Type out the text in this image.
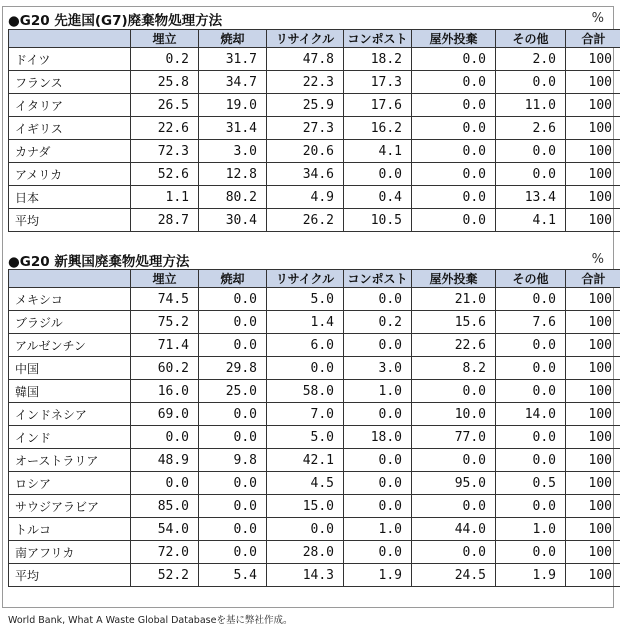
●G20 先進国(G7)廃棄物処理方法	%
	埋立	焼却	リサイクル	コンポスト	屋外投棄	その他	合計
ドイツ	0.2	31.7	47.8	18.2	0.0	2.0	100
フランス	25.8	34.7	22.3	17.3	0.0	0.0	100
イタリア	26.5	19.0	25.9	17.6	0.0	11.0	100
イギリス	22.6	31.4	27.3	16.2	0.0	2.6	100
カナダ	72.3	3.0	20.6	4.1	0.0	0.0	100
アメリカ	52.6	12.8	34.6	0.0	0.0	0.0	100
日本	1.1	80.2	4.9	0.4	0.0	13.4	100
平均	28.7	30.4	26.2	10.5	0.0	4.1	100
●G20 新興国廃棄物処理方法	%
	埋立	焼却	リサイクル	コンポスト	屋外投棄	その他	合計
メキシコ	74.5	0.0	5.0	0.0	21.0	0.0	100
ブラジル	75.2	0.0	1.4	0.2	15.6	7.6	100
アルゼンチン	71.4	0.0	6.0	0.0	22.6	0.0	100
中国	60.2	29.8	0.0	3.0	8.2	0.0	100
韓国	16.0	25.0	58.0	1.0	0.0	0.0	100
インドネシア	69.0	0.0	7.0	0.0	10.0	14.0	100
インド	0.0	0.0	5.0	18.0	77.0	0.0	100
オーストラリア	48.9	9.8	42.1	0.0	0.0	0.0	100
ロシア	0.0	0.0	4.5	0.0	95.0	0.5	100
サウジアラビア	85.0	0.0	15.0	0.0	0.0	0.0	100
トルコ	54.0	0.0	0.0	1.0	44.0	1.0	100
南アフリカ	72.0	0.0	28.0	0.0	0.0	0.0	100
平均	52.2	5.4	14.3	1.9	24.5	1.9	100
World Bank, What A Waste Global Databaseを基に弊社作成。
